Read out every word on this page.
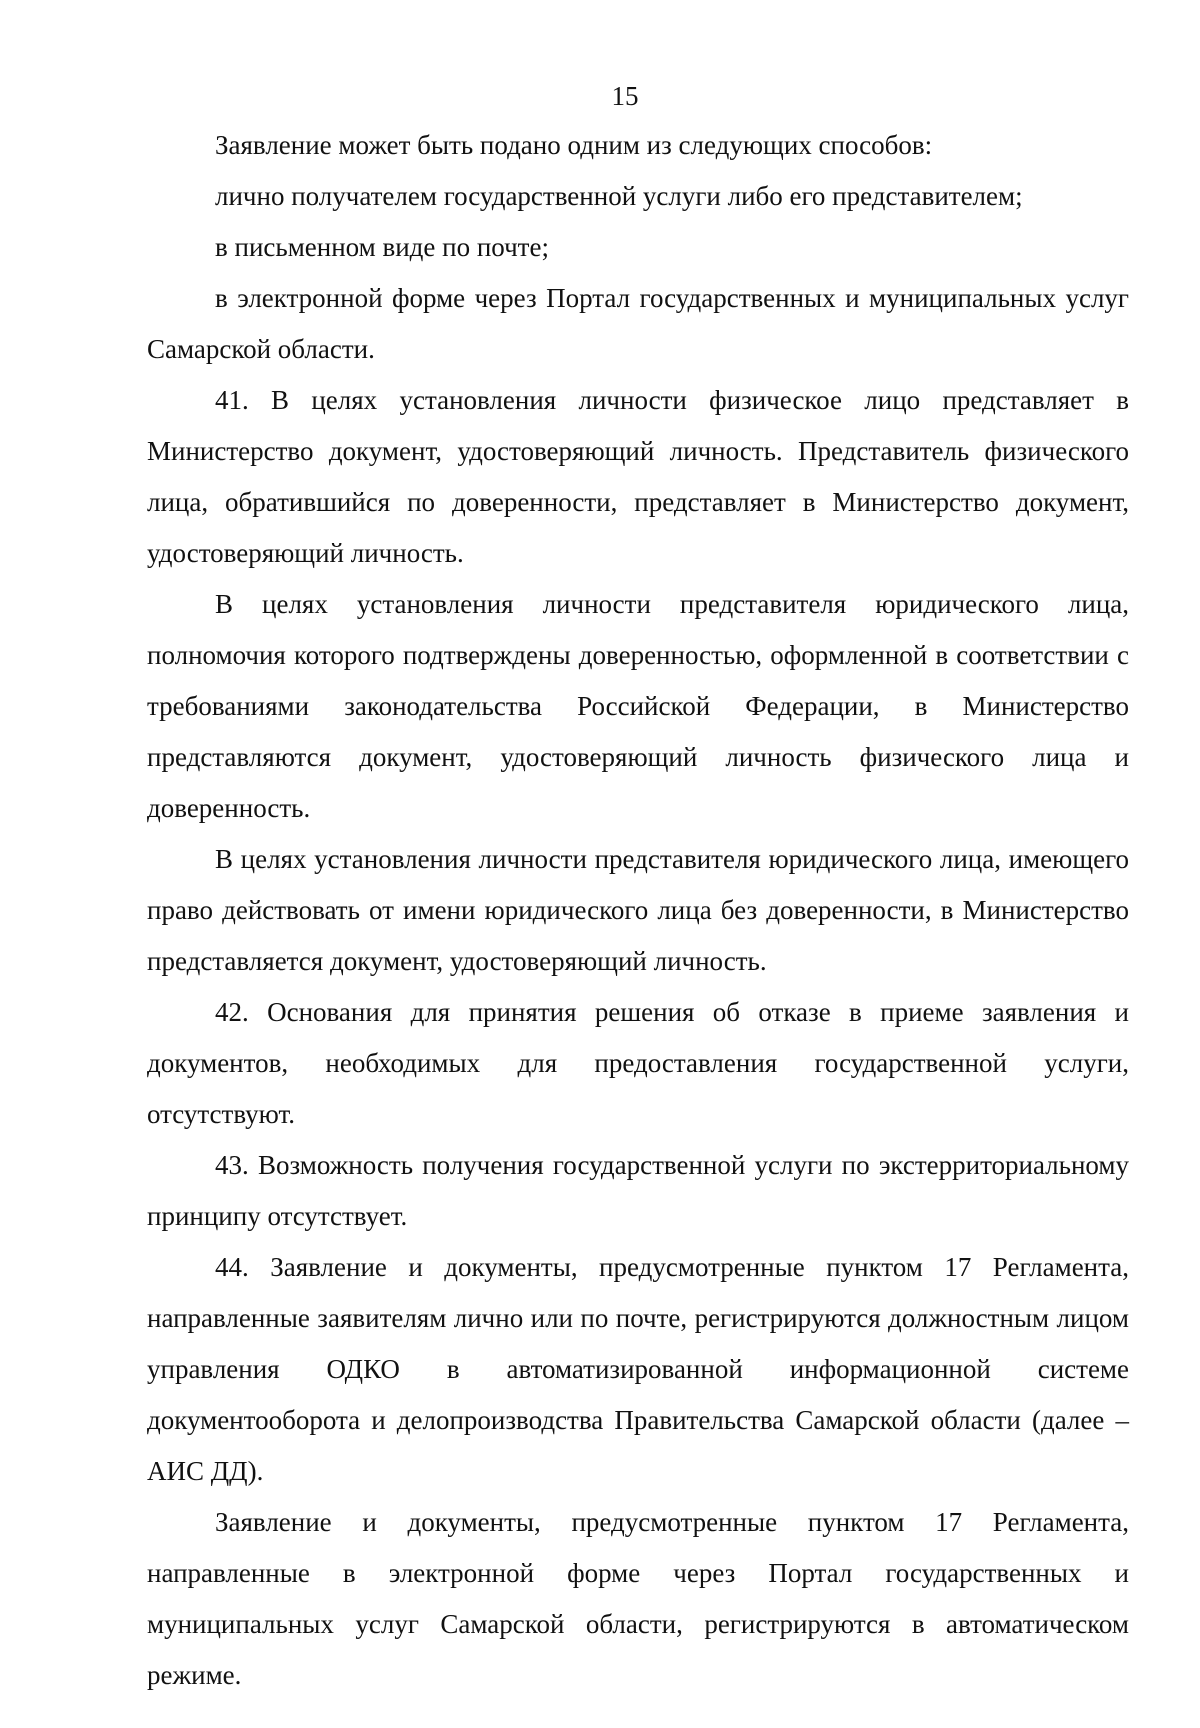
15

Заявление может быть подано одним из следующих способов:

лично получателем государственной услуги либо его представителем;

в письменном виде по почте;

в электронной форме через Портал государственных и муниципальных услуг Самарской области.

41. В целях установления личности физическое лицо представляет в Министерство документ, удостоверяющий личность. Представитель физического лица, обратившийся по доверенности, представляет в Министерство документ, удостоверяющий личность.

В целях установления личности представителя юридического лица, полномочия которого подтверждены доверенностью, оформленной в соответствии с требованиями законодательства Российской Федерации, в Министерство представляются документ, удостоверяющий личность физического лица и доверенность.

В целях установления личности представителя юридического лица, имеющего право действовать от имени юридического лица без доверенности, в Министерство представляется документ, удостоверяющий личность.

42. Основания для принятия решения об отказе в приеме заявления и документов, необходимых для предоставления государственной услуги, отсутствуют.

43. Возможность получения государственной услуги по экстерриториальному принципу отсутствует.

44. Заявление и документы, предусмотренные пунктом 17 Регламента, направленные заявителям лично или по почте, регистрируются должностным лицом управления ОДКО в автоматизированной информационной системе документооборота и делопроизводства Правительства Самарской области (далее – АИС ДД).

Заявление и документы, предусмотренные пунктом 17 Регламента, направленные в электронной форме через Портал государственных и муниципальных услуг Самарской области, регистрируются в автоматическом режиме.
